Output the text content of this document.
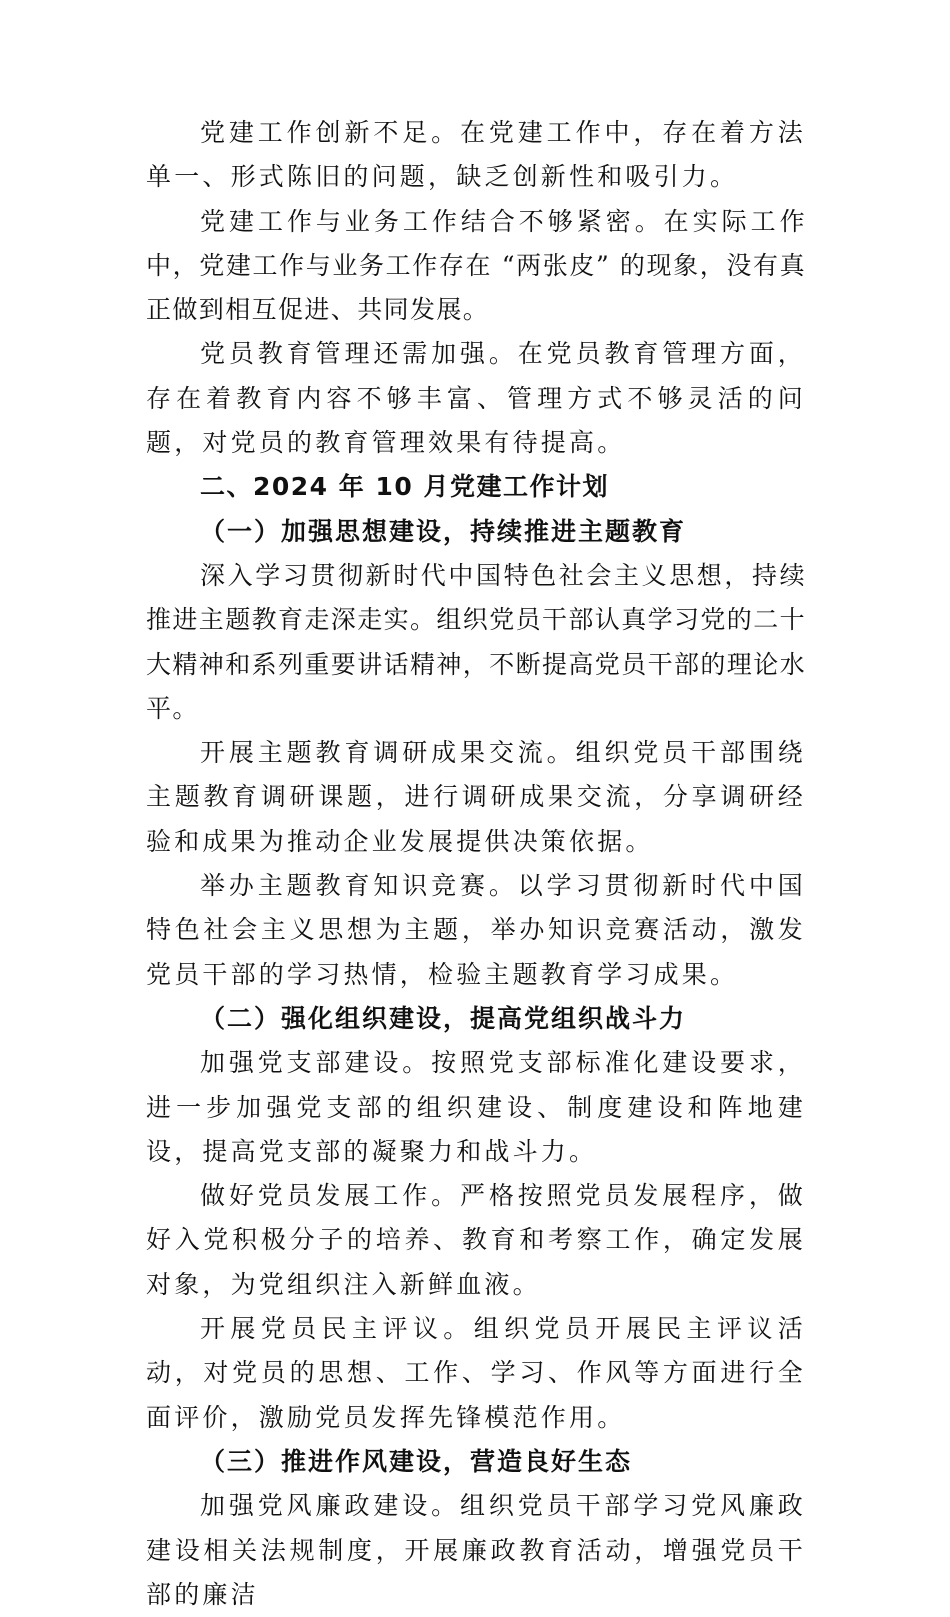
党建工作创新不足。在党建工作中，存在着方法单一、形式陈旧的问题，缺乏创新性和吸引力。

党建工作与业务工作结合不够紧密。在实际工作中，党建工作与业务工作存在 “两张皮” 的现象，没有真正做到相互促进、共同发展。

党员教育管理还需加强。在党员教育管理方面，存在着教育内容不够丰富、管理方式不够灵活的问题，对党员的教育管理效果有待提高。

二、2024 年 10 月党建工作计划

（一）加强思想建设，持续推进主题教育

深入学习贯彻新时代中国特色社会主义思想，持续推进主题教育走深走实。组织党员干部认真学习党的二十大精神和系列重要讲话精神，不断提高党员干部的理论水平。

开展主题教育调研成果交流。组织党员干部围绕主题教育调研课题，进行调研成果交流，分享调研经验和成果为推动企业发展提供决策依据。

举办主题教育知识竞赛。以学习贯彻新时代中国特色社会主义思想为主题，举办知识竞赛活动，激发党员干部的学习热情，检验主题教育学习成果。

（二）强化组织建设，提高党组织战斗力

加强党支部建设。按照党支部标准化建设要求，进一步加强党支部的组织建设、制度建设和阵地建设，提高党支部的凝聚力和战斗力。

做好党员发展工作。严格按照党员发展程序，做好入党积极分子的培养、教育和考察工作，确定发展对象，为党组织注入新鲜血液。

开展党员民主评议。组织党员开展民主评议活动，对党员的思想、工作、学习、作风等方面进行全面评价，激励党员发挥先锋模范作用。

（三）推进作风建设，营造良好生态

加强党风廉政建设。组织党员干部学习党风廉政建设相关法规制度，开展廉政教育活动，增强党员干部的廉洁
